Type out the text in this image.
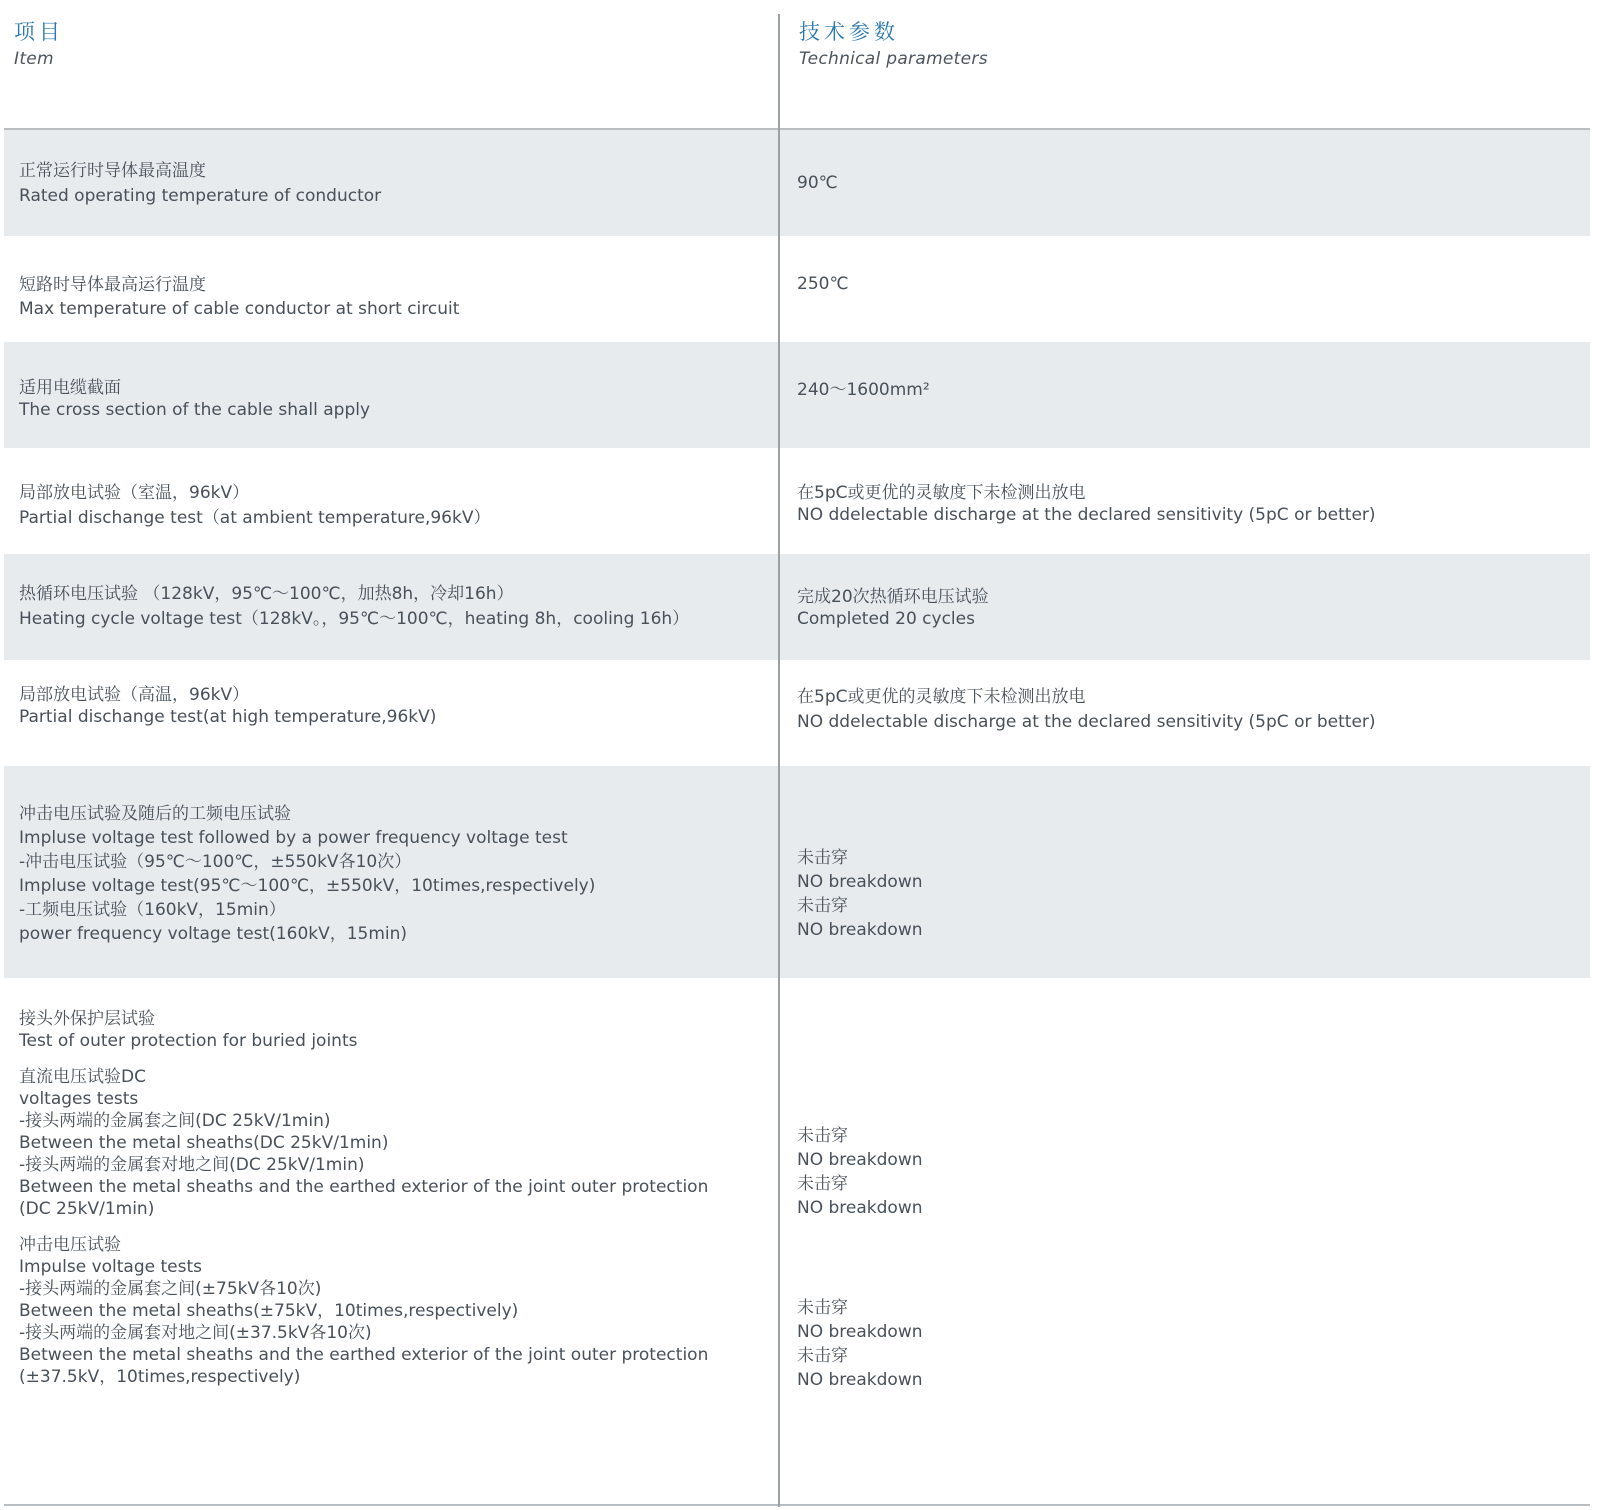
项目
Item
技术参数
Technical parameters

正常运行时导体最高温度

Rated operating temperature of conductor

90℃

短路时导体最高运行温度

Max temperature of cable conductor at short circuit

250℃

适用电缆截面

The cross section of the cable shall apply

240～1600mm²

局部放电试验（室温，96kV）

Partial dischange test（at ambient temperature,96kV）

在5pC或更优的灵敏度下未检测出放电

NO ddelectable discharge at the declared sensitivity (5pC or better)

热循环电压试验 （128kV，95℃～100℃，加热8h，冷却16h）

Heating cycle voltage test（128kV。，95℃～100℃，heating 8h，cooling 16h）

完成20次热循环电压试验

Completed 20 cycles

局部放电试验（高温，96kV）

Partial dischange test(at high temperature,96kV)

在5pC或更优的灵敏度下未检测出放电

NO ddelectable discharge at the declared sensitivity (5pC or better)

冲击电压试验及随后的工频电压试验

Impluse voltage test followed by a power frequency voltage test

-冲击电压试验（95℃～100℃，±550kV各10次）

Impluse voltage test(95℃～100℃，±550kV，10times,respectively)

-工频电压试验（160kV，15min）

power frequency voltage test(160kV，15min)

未击穿

NO breakdown

未击穿

NO breakdown

接头外保护层试验

Test of outer protection for buried joints

直流电压试验DC

voltages tests

-接头两端的金属套之间(DC 25kV/1min)

Between the metal sheaths(DC 25kV/1min)

-接头两端的金属套对地之间(DC 25kV/1min)

Between the metal sheaths and the earthed exterior of the joint outer protection

(DC 25kV/1min)

冲击电压试验

Impulse voltage tests

-接头两端的金属套之间(±75kV各10次)

Between the metal sheaths(±75kV，10times,respectively)

-接头两端的金属套对地之间(±37.5kV各10次)

Between the metal sheaths and the earthed exterior of the joint outer protection

(±37.5kV，10times,respectively)

未击穿

NO breakdown

未击穿

NO breakdown

未击穿

NO breakdown

未击穿

NO breakdown
